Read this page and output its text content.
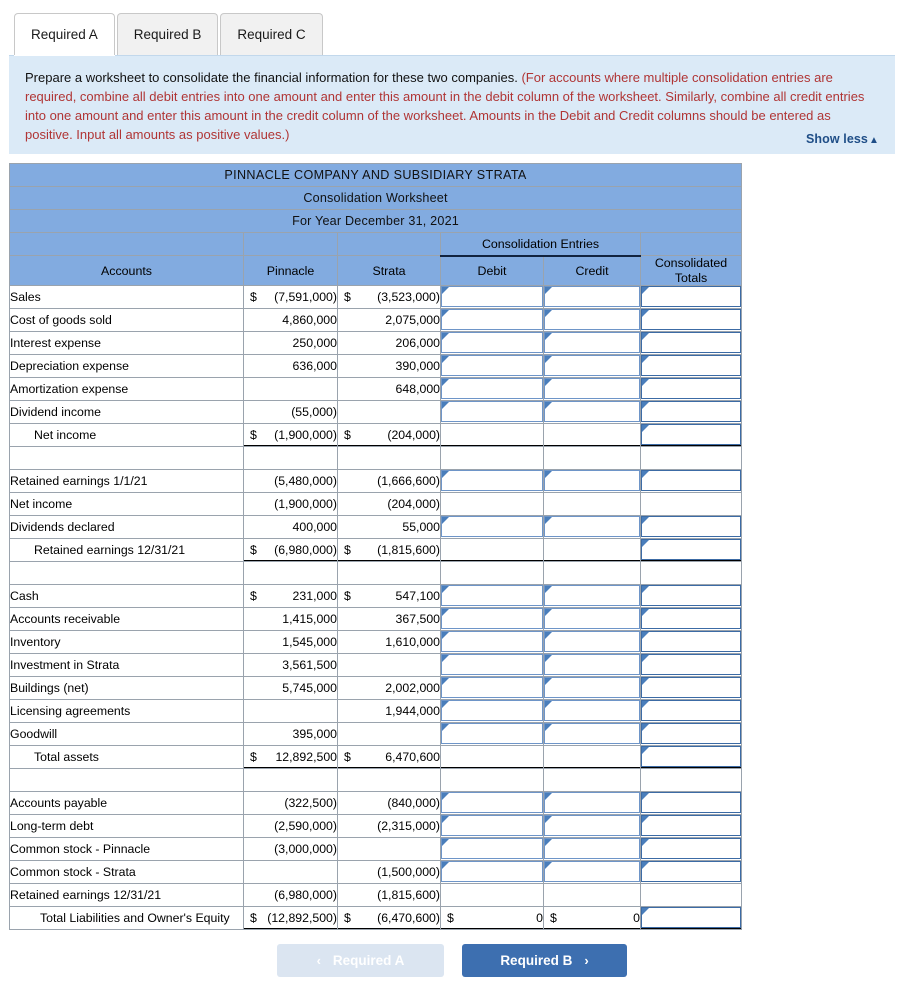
Required A	Required B	Required C
Prepare a worksheet to consolidate the financial information for these two companies. (For accounts where multiple consolidation entries are required, combine all debit entries into one amount and enter this amount in the debit column of the worksheet. Similarly, combine all credit entries into one amount and enter this amount in the credit column of the worksheet. Amounts in the Debit and Credit columns should be entered as positive. Input all amounts as positive values.)	Show less▲
PINNACLE COMPANY AND SUBSIDIARY STRATA					
Consolidation Worksheet					
For Year December 31, 2021					
			Consolidation Entries		
Accounts	Pinnacle	Strata	Debit	Credit	Consolidated Totals
Sales	$ (7,591,000)	$ (3,523,000)	

Cost of goods sold	4,860,000	2,075,000	

Interest expense	250,000	206,000	

Depreciation expense	636,000	390,000	

Amortization expense		648,000	

Dividend income	(55,000)		

Net income	$ (1,900,000)	$ (204,000)			

Retained earnings 1/1/21	(5,480,000)	(1,666,600)	

Net income	(1,900,000)	(204,000)			
Dividends declared	400,000	55,000	

Retained earnings 12/31/21	$ (6,980,000)	$ (1,815,600)			

Cash	$ 231,000	$ 547,100	

Accounts receivable	1,415,000	367,500	

Inventory	1,545,000	1,610,000	

Investment in Strata	3,561,500		

Buildings (net)	5,745,000	2,002,000	

Licensing agreements		1,944,000	

Goodwill	395,000		

Total assets	$ 12,892,500	$ 6,470,600			

Accounts payable	(322,500)	(840,000)	

Long-term debt	(2,590,000)	(2,315,000)	

Common stock - Pinnacle	(3,000,000)		

Common stock - Strata		(1,500,000)	

Retained earnings 12/31/21	(6,980,000)	(1,815,600)			
Total Liabilities and Owner's Equity	$ (12,892,500)	$ (6,470,600)	$ 0	$ 0	
‹ Required A	Required B ›
